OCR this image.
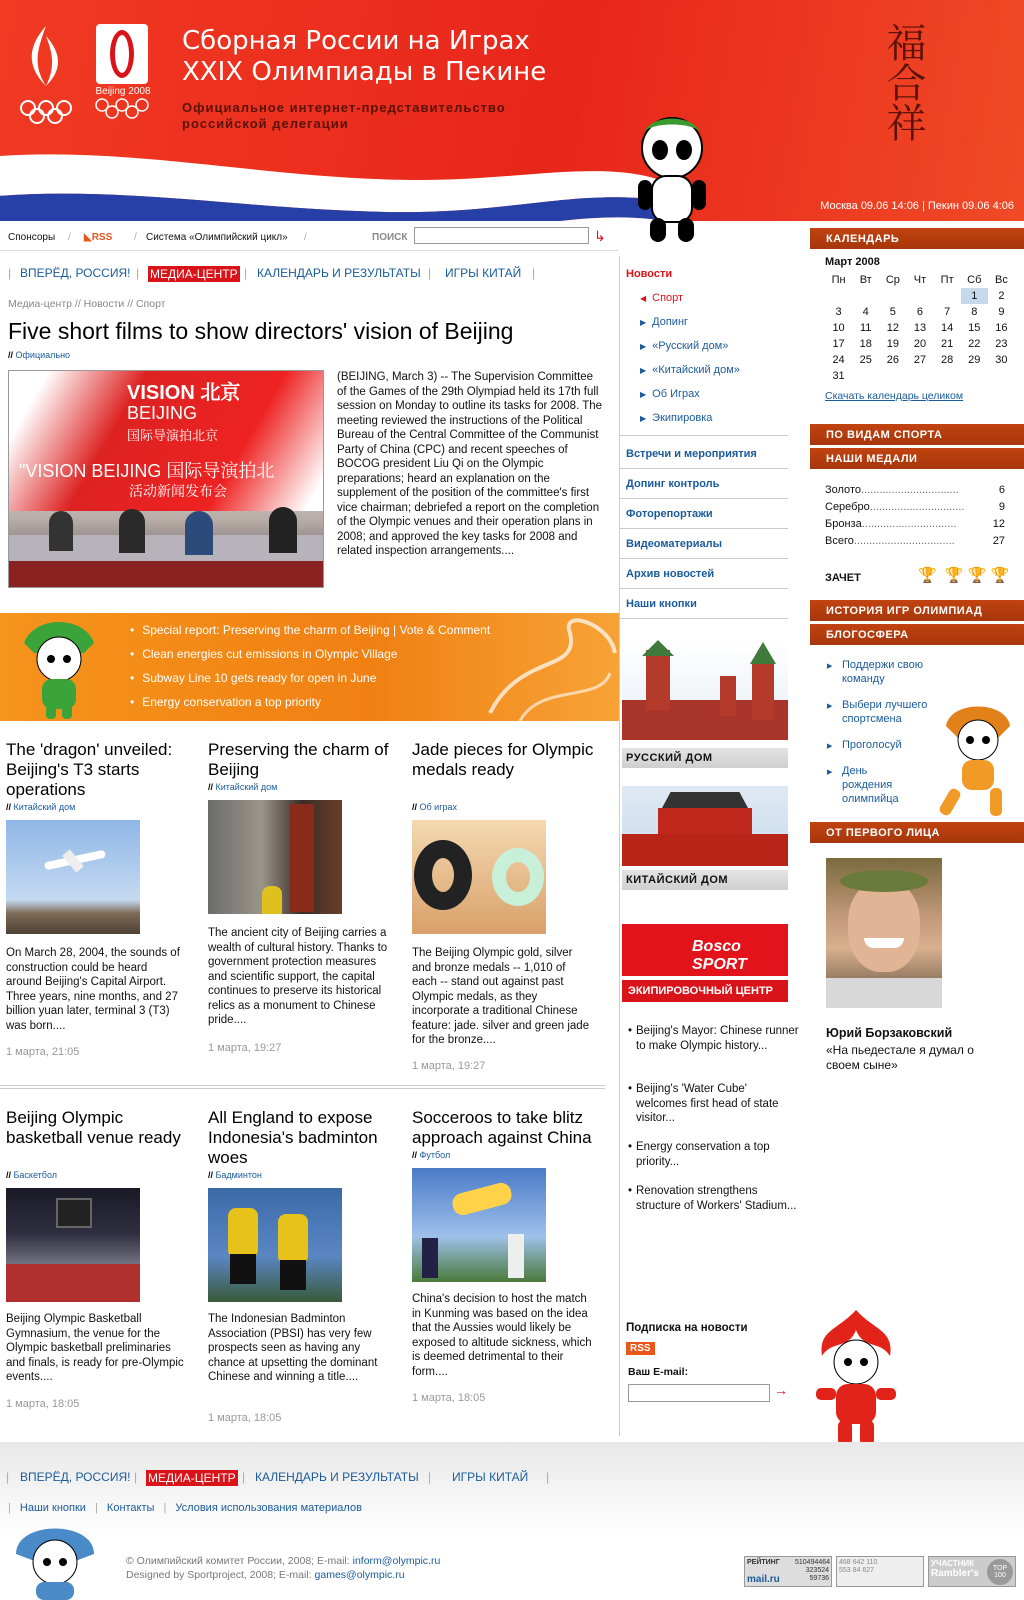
Beijing 2008
Сборная России на Играх
XXIX Олимпиады в Пекине
Официальное интернет-представительство
российской делегации	福合祥
Москва 09.06 14:06 | Пекин 09.06 4:06
Спонсоры / ◣RSS / Система «Олимпийский цикл» /	ПОИСК	↳
| ВПЕРЁД, РОССИЯ! | МЕДИА-ЦЕНТР | КАЛЕНДАРЬ И РЕЗУЛЬТАТЫ | ИГРЫ КИТАЙ |
Медиа-центр // Новости // Спорт
Five short films to show directors' vision of Beijing
// Официально
VISION 北京
BEIJING
国际导演拍北京
"VISION BEIJING 国际导演拍北
活动新闻发布会
(BEIJING, March 3) -- The Supervision Committee of the Games of the 29th Olympiad held its 17th full session on Monday to outline its tasks for 2008. The meeting reviewed the instructions of the Political Bureau of the Central Committee of the Communist Party of China (CPC) and recent speeches of BOCOG president Liu Qi on the Olympic preparations; heard an explanation on the supplement of the position of the committee's first vice chairman; debriefed a report on the completion of the Olympic venues and their operation plans in 2008; and approved the key tasks for 2008 and related inspection arrangements....
• Special report: Preserving the charm of Beijing | Vote & Comment
• Clean energies cut emissions in Olympic Village
• Subway Line 10 gets ready for open in June
• Energy conservation a top priority
The 'dragon' unveiled: Beijing's T3 starts operations
// Китайский дом
On March 28, 2004, the sounds of construction could be heard around Beijing's Capital Airport. Three years, nine months, and 27 billion yuan later, terminal 3 (T3) was born....
1 марта, 21:05
Preserving the charm of Beijing
// Китайский дом
The ancient city of Beijing carries a wealth of cultural history. Thanks to government protection measures and scientific support, the capital continues to preserve its historical relics as a monument to Chinese pride....
1 марта, 19:27
Jade pieces for Olympic medals ready
// Об играх
The Beijing Olympic gold, silver and bronze medals -- 1,010 of each -- stand out against past Olympic medals, as they incorporate a traditional Chinese feature: jade. silver and green jade for the bronze....
1 марта, 19:27
Beijing Olympic basketball venue ready
// Баскетбол
Beijing Olympic Basketball Gymnasium, the venue for the Olympic basketball preliminaries and finals, is ready for pre-Olympic events....
1 марта, 18:05
All England to expose Indonesia's badminton woes
// Бадминтон
The Indonesian Badminton Association (PBSI) has very few prospects seen as having any chance at upsetting the dominant Chinese and winning a title....
1 марта, 18:05
Socceroos to take blitz approach against China
// Футбол
China's decision to host the match in Kunming was based on the idea that the Aussies would likely be exposed to altitude sickness, which is deemed detrimental to their form....
1 марта, 18:05
Новости
◀ Спорт
▶ Допинг
▶ «Русский дом»
▶ «Китайский дом»
▶ Об Играх
▶ Экипировка
Встречи и мероприятия
Допинг контроль
Фоторепортажи
Видеоматериалы
Архив новостей
Наши кнопки
РУССКИЙ ДОМ
КИТАЙСКИЙ ДОМ
Bosco SPORT
ЭКИПИРОВОЧНЫЙ ЦЕНТР
• Beijing's Mayor: Chinese runner to make Olympic history...
• Beijing's 'Water Cube' welcomes first head of state visitor...
• Energy conservation a top priority...
• Renovation strengthens structure of Workers' Stadium...
Подписка на новости
RSS
Ваш E-mail:
→
КАЛЕНДАРЬ
Март 2008
Пн	Вт	Ср	Чт	Пт	Сб	Вс
					1	2
3	4	5	6	7	8	9
10	11	12	13	14	15	16
17	18	19	20	21	22	23
24	25	26	27	28	29	30
31						
Скачать календарь целиком
ПО ВИДАМ СПОРТА
НАШИ МЕДАЛИ
Золото................................	6
Серебро...............................	9
Бронза...............................	12
Всего.................................	27
ЗАЧЕТ	🏆 🏆 🏆 🏆
ИСТОРИЯ ИГР ОЛИМПИАД
БЛОГОСФЕРА
▶ Поддержи свою команду
▶ Выбери лучшего спортсмена
▶ Проголосуй
▶ День рождения олимпийца
ОТ ПЕРВОГО ЛИЦА
Юрий Борзаковский
«На пьедестале я думал о своем сыне»
| ВПЕРЁД, РОССИЯ! | МЕДИА-ЦЕНТР | КАЛЕНДАРЬ И РЕЗУЛЬТАТЫ | ИГРЫ КИТАЙ |
| Наши кнопки | Контакты | Условия использования материалов
© Олимпийский комитет России, 2008; E-mail: inform@olympic.ru
Designed by Sportproject, 2008; E-mail: games@olympic.ru
РЕЙТИНГ	510494464 323524 59736
mail.ru
468 642 110 553 84 627
УЧАСТНИК
Rambler's	TOP 100
